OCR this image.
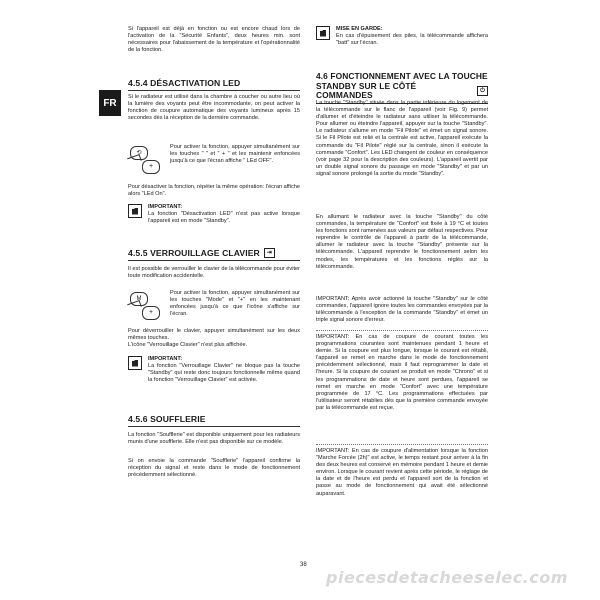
FR

Si l'appareil est déjà en fonction ou est encore chaud lors de l'activation de la "Sécurité Enfants", deux heures min. sont nécessaires pour l'abaissement de la température et l'opérationnalité de la fonction.

4.5.4 DÉSACTIVATION LED

Si le radiateur est utilisé dans la chambre à coucher ou autre lieu où la lumière des voyants peut être incommodante, on peut activer la fonction de coupure automatique des voyants lumineux après 15 secondes dès la réception de la dernière commande.

⟲
+

Pour activer la fonction, appuyer simultanément sur les touches " " et " + " et les maintenir enfoncées jusqu'à ce que l'écran affiche " LEd OFF".

Pour désactiver la fonction, répéter la même opération: l'écran affiche alors "LEd On".

IMPORTANT:

La fonction "Désactivation LED" n'est pas active lorsque l'appareil est en mode "Standby".

4.5.5 VERROUILLAGE CLAVIER	⇥

Il est possible de verrouiller le clavier de la télécommande pour éviter toute modification accidentelle.

M
+

Pour activer la fonction, appuyer simultanément sur les touches "Mode" et "+" en les maintenant enfoncées jusqu'à ce que l'icône s'affiche sur l'écran.

Pour déverrouiller le clavier, appuyer simultanément sur les deux mêmes touches.

L'icône "Verrouillage Clavier" n'est plus affichée.

IMPORTANT:

La fonction "Verrouillage Clavier" ne bloque pas la touche "Standby" qui reste donc toujours fonctionnelle même quand la fonction "Verrouillage Clavier" est activée.

4.5.6 SOUFFLERIE

La fonction "Soufflerie" est disponible uniquement pour les radiateurs munis d'une soufflerie. Elle n'est pas disponible sur ce modèle.

Si on envoie la commande "Soufflerie" l'appareil confirme la réception du signal et reste dans le mode de fonctionnement précédemment sélectionné.

MISE EN GARDE:

En cas d'épuisement des piles, la télécommande affichera "batt" sur l'écran.

4.6 FONCTIONNEMENT AVEC LA TOUCHE
STANDBY SUR LE CÔTÉ COMMANDES	⏻

La touche "Standby" située dans la partie inférieure du logement de la télécommande sur le flanc de l'appareil (voir Fig. 9) permet d'allumer et d'éteindre le radiateur sans utiliser la télécommande. Pour allumer ou éteindre l'appareil, appuyer sur la touche "Standby". Le radiateur s'allume en mode "Fil Pilote" et émet un signal sonore. Si le Fil Pilote est relié et la centrale est active, l'appareil exécute la commande du "Fil Pilote" réglé sur la centrale, sinon il exécute la commande "Confort". Les LED changent de couleur en conséquence (voir page 32 pour la description des couleurs). L'appareil avertit par un double signal sonore du passage en mode "Standby" et par un signal sonore prolongé la sortie du mode "Standby".

En allumant le radiateur avec la touche "Standby" du côté commandes, la température de "Confort" est fixée à 19 °C et toutes les fonctions sont ramenées aux valeurs par défaut respectives. Pour reprendre le contrôle de l'appareil à partir de la télécommande, allumer le radiateur avec la touche "Standby" présente sur la télécommande. L'appareil reprendre le fonctionnement selon les modes, les températures et les fonctions réglés sur la télécommande.

IMPORTANT: Après avoir actionné la touche "Standby" sur le côté commandes, l'appareil ignore toutes les commandes envoyées par la télécommande à l'exception de la commande "Standby" et émet un triple signal sonore d'erreur.

IMPORTANT: En cas de coupure de courant toutes les programmations courantes sont maintenues pendant 1 heure et demie. Si la coupure est plus longue, lorsque le courant est rétabli, l'appareil se remet en marche dans le mode de fonctionnement précédemment sélectionné, mais il faut reprogrammer la date et l'heure. Si la coupure de courant se produit en mode "Chrono" et si les programmations de date et heure sont perdues, l'appareil se remet en marche en mode "Confort" avec une température programmée de 17 °C. Les programmations effectuées par l'utilisateur seront rétablies dès que la première commande envoyée par la télécommande est reçue.

IMPORTANT: En cas de coupure d'alimentation lorsque la fonction "Marche Forcée (2h)" est active, le temps restant pour arriver à la fin des deux heures est conservé en mémoire pendant 1 heure et demie environ. Lorsque le courant revient après cette période, le réglage de la date et de l'heure est perdu et l'appareil sort de la fonction et passe au mode de fonctionnement qui avait été sélectionné auparavant.

38
piecesdetacheeselec.com
